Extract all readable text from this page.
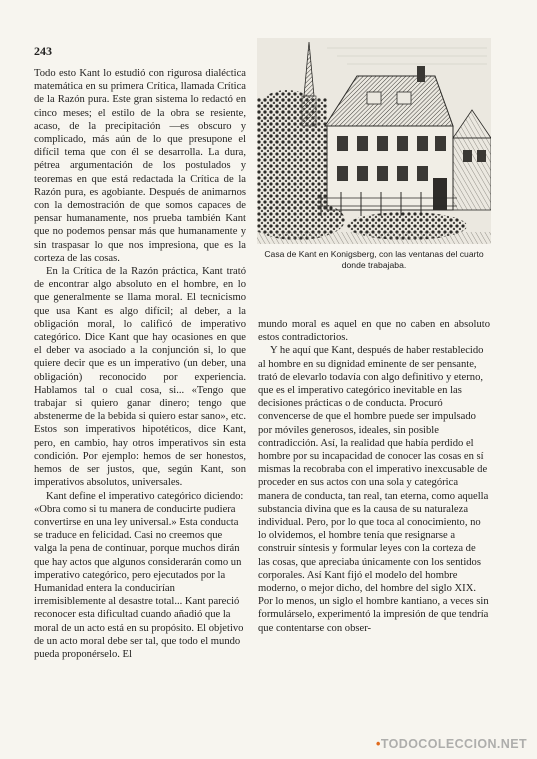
243

Todo esto Kant lo estudió con rigurosa dialéctica matemática en su primera Crítica, llamada Crítica de la Razón pura. Este gran sistema lo redactó en cinco meses; el estilo de la obra se resiente, acaso, de la precipitación —es obscuro y complicado, más aún de lo que presupone el difícil tema que con él se desarrolla. La dura, pétrea argumentación de los postulados y teoremas en que está redactada la Crítica de la Razón pura, es agobiante. Después de animarnos con la demostración de que somos capaces de pensar humanamente, nos prueba también Kant que no podemos pensar más que humanamente y sin traspasar lo que nos impresiona, que es la corteza de las cosas.

En la Crítica de la Razón práctica, Kant trató de encontrar algo absoluto en el hombre, en lo que generalmente se llama moral. El tecnicismo que usa Kant es algo difícil; al deber, a la obligación moral, lo calificó de imperativo categórico. Dice Kant que hay ocasiones en que el deber va asociado a la conjunción si, lo que quiere decir que es un imperativo (un deber, una obligación) reconocido por experiencia. Hablamos tal o cual cosa, si... «Tengo que trabajar si quiero ganar dinero; tengo que abstenerme de la bebida si quiero estar sano», etc. Estos son imperativos hipotéticos, dice Kant, pero, en cambio, hay otros imperativos sin esta condición. Por ejemplo: hemos de ser honestos, hemos de ser justos, que, según Kant, son imperativos absolutos, universales.

Kant define el imperativo categórico diciendo: «Obra como si tu manera de conducirte pudiera convertirse en una ley universal.» Esta conducta se traduce en felicidad. Casi no creemos que valga la pena de continuar, porque muchos dirán que hay actos que algunos considerarán como un imperativo categórico, pero ejecutados por la Humanidad entera la conducirían irremisiblemente al desastre total... Kant pareció reconocer esta dificultad cuando añadió que la moral de un acto está en su propósito. El objetivo de un acto moral debe ser tal, que todo el mundo pueda proponérselo. El

Casa de Kant en Konigsberg, con las ventanas del cuarto donde trabajaba.

mundo moral es aquel en que no caben en absoluto estos contradictorios.

Y he aquí que Kant, después de haber restablecido al hombre en su dignidad eminente de ser pensante, trató de elevarlo todavía con algo definitivo y eterno, que es el imperativo categórico inevitable en las decisiones prácticas o de conducta. Procuró convencerse de que el hombre puede ser impulsado por móviles generosos, ideales, sin posible contradicción. Así, la realidad que había perdido el hombre por su incapacidad de conocer las cosas en sí mismas la recobraba con el imperativo inexcusable de proceder en sus actos con una sola y categórica manera de conducta, tan real, tan eterna, como aquella substancia divina que es la causa de su naturaleza individual. Pero, por lo que toca al conocimiento, no lo olvidemos, el hombre tenía que resignarse a construir síntesis y formular leyes con la corteza de las cosas, que apreciaba únicamente con los sentidos corporales. Así Kant fijó el modelo del hombre moderno, o mejor dicho, del hombre del siglo XIX. Por lo menos, un siglo el hombre kantiano, a veces sin formulárselo, experimentó la impresión de que tendría que contentarse con obser-

•TODOCOLECCION.NET
